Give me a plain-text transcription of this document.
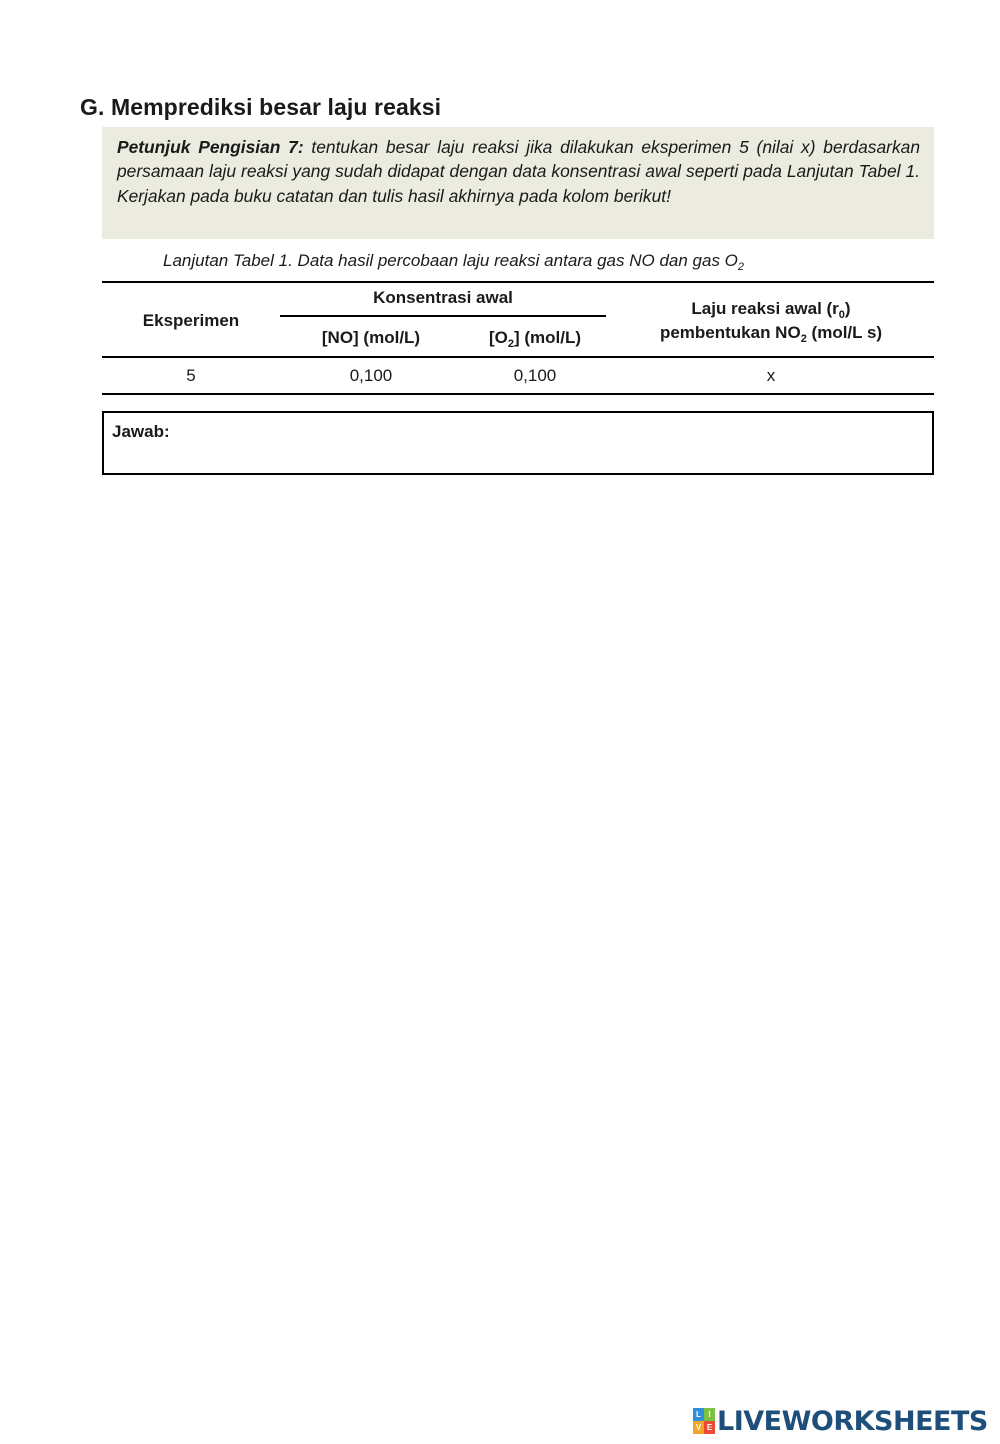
G. Memprediksi besar laju reaksi
Petunjuk Pengisian 7: tentukan besar laju reaksi jika dilakukan eksperimen 5 (nilai x) berdasarkan persamaan laju reaksi yang sudah didapat dengan data konsentrasi awal seperti pada Lanjutan Tabel 1. Kerjakan pada buku catatan dan tulis hasil akhirnya pada kolom berikut!
Lanjutan Tabel 1. Data hasil percobaan laju reaksi antara gas NO dan gas $O_2$
Eksperimen	Konsentrasi awal		Laju reaksi awal $(r_0)$
pembentukan $NO_2$ (mol/L s)
	[NO] (mol/L)	$[O_2]$ (mol/L)	
5	0,100	0,100	x
Jawab:
L I
V E LIVEWORKSHEETS
